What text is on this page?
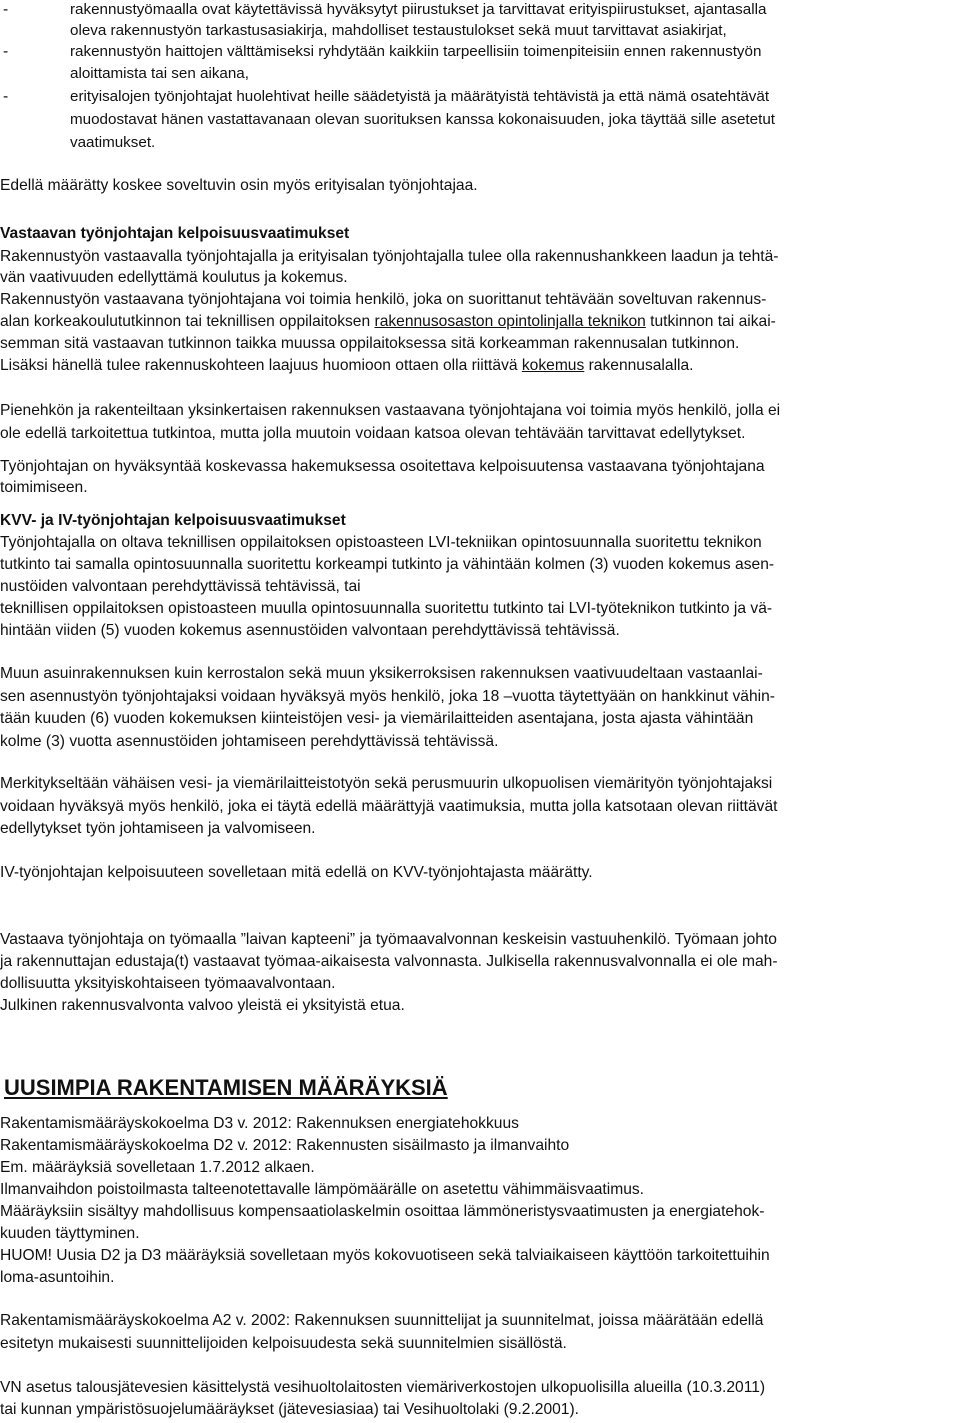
-	rakennustyömaalla ovat käytettävissä hyväksytyt piirustukset ja tarvittavat erityispiirustukset, ajantasalla
oleva rakennustyön tarkastusasiakirja, mahdolliset testaustulokset sekä muut tarvittavat asiakirjat,
-	rakennustyön haittojen välttämiseksi ryhdytään kaikkiin tarpeellisiin toimenpiteisiin ennen rakennustyön
aloittamista tai sen aikana,
-	erityisalojen työnjohtajat huolehtivat heille säädetyistä ja määrätyistä tehtävistä ja että nämä osatehtävät
muodostavat hänen vastattavanaan olevan suorituksen kanssa kokonaisuuden, joka täyttää sille asetetut
vaatimukset.
Edellä määrätty koskee soveltuvin osin myös erityisalan työnjohtajaa.
Vastaavan työnjohtajan kelpoisuusvaatimukset
Rakennustyön vastaavalla työnjohtajalla ja erityisalan työnjohtajalla tulee olla rakennushankkeen laadun ja tehtä-
vän vaativuuden edellyttämä koulutus ja kokemus.
Rakennustyön vastaavana työnjohtajana voi toimia henkilö, joka on suorittanut tehtävään soveltuvan rakennus-
alan korkeakoulututkinnon tai teknillisen oppilaitoksen rakennusosaston opintolinjalla teknikon tutkinnon tai aikai-
semman sitä vastaavan tutkinnon taikka muussa oppilaitoksessa sitä korkeamman rakennusalan tutkinnon.
Lisäksi hänellä tulee rakennuskohteen laajuus huomioon ottaen olla riittävä kokemus rakennusalalla.
Pienehkön ja rakenteiltaan yksinkertaisen rakennuksen vastaavana työnjohtajana voi toimia myös henkilö, jolla ei
ole edellä tarkoitettua tutkintoa, mutta jolla muutoin voidaan katsoa olevan tehtävään tarvittavat edellytykset.
Työnjohtajan on hyväksyntää koskevassa hakemuksessa osoitettava kelpoisuutensa vastaavana työnjohtajana
toimimiseen.
KVV- ja IV-työnjohtajan kelpoisuusvaatimukset
Työnjohtajalla on oltava teknillisen oppilaitoksen opistoasteen LVI-tekniikan opintosuunnalla suoritettu teknikon
tutkinto tai samalla opintosuunnalla suoritettu korkeampi tutkinto ja vähintään kolmen (3) vuoden kokemus asen-
nustöiden valvontaan perehdyttävissä tehtävissä, tai
teknillisen oppilaitoksen opistoasteen muulla opintosuunnalla suoritettu tutkinto tai LVI-työteknikon tutkinto ja vä-
hintään viiden (5) vuoden kokemus asennustöiden valvontaan perehdyttävissä tehtävissä.
Muun asuinrakennuksen kuin kerrostalon sekä muun yksikerroksisen rakennuksen vaativuudeltaan vastaanlai-
sen asennustyön työnjohtajaksi voidaan hyväksyä myös henkilö, joka 18 –vuotta täytettyään on hankkinut vähin-
tään kuuden (6) vuoden kokemuksen kiinteistöjen vesi- ja viemärilaitteiden asentajana, josta ajasta vähintään
kolme (3) vuotta asennustöiden johtamiseen perehdyttävissä tehtävissä.
Merkitykseltään vähäisen vesi- ja viemärilaitteistotyön sekä perusmuurin ulkopuolisen viemärityön työnjohtajaksi
voidaan hyväksyä myös henkilö, joka ei täytä edellä määrättyjä vaatimuksia, mutta jolla katsotaan olevan riittävät
edellytykset työn johtamiseen ja valvomiseen.
IV-työnjohtajan kelpoisuuteen sovelletaan mitä edellä on KVV-työnjohtajasta määrätty.
Vastaava työnjohtaja on työmaalla ”laivan kapteeni” ja työmaavalvonnan keskeisin vastuuhenkilö. Työmaan johto
ja rakennuttajan edustaja(t) vastaavat työmaa-aikaisesta valvonnasta. Julkisella rakennusvalvonnalla ei ole mah-
dollisuutta yksityiskohtaiseen työmaavalvontaan.
Julkinen rakennusvalvonta valvoo yleistä ei yksityistä etua.
UUSIMPIA RAKENTAMISEN MÄÄRÄYKSIÄ
Rakentamismääräyskokoelma D3 v. 2012: Rakennuksen energiatehokkuus
Rakentamismääräyskokoelma D2 v. 2012: Rakennusten sisäilmasto ja ilmanvaihto
Em. määräyksiä sovelletaan 1.7.2012 alkaen.
Ilmanvaihdon poistoilmasta talteenotettavalle lämpömäärälle on asetettu vähimmäisvaatimus.
Määräyksiin sisältyy mahdollisuus kompensaatiolaskelmin osoittaa lämmöneristysvaatimusten ja energiatehok-
kuuden täyttyminen.
HUOM! Uusia D2 ja D3 määräyksiä sovelletaan myös kokovuotiseen sekä talviaikaiseen käyttöön tarkoitettuihin
loma-asuntoihin.
Rakentamismääräyskokoelma A2 v. 2002: Rakennuksen suunnittelijat ja suunnitelmat, joissa määrätään edellä
esitetyn mukaisesti suunnittelijoiden kelpoisuudesta sekä suunnitelmien sisällöstä.
VN asetus talousjätevesien käsittelystä vesihuoltolaitosten viemäriverkostojen ulkopuolisilla alueilla (10.3.2011)
tai kunnan ympäristösuojelumääräykset (jätevesiasiaa) tai Vesihuoltolaki (9.2.2001).
